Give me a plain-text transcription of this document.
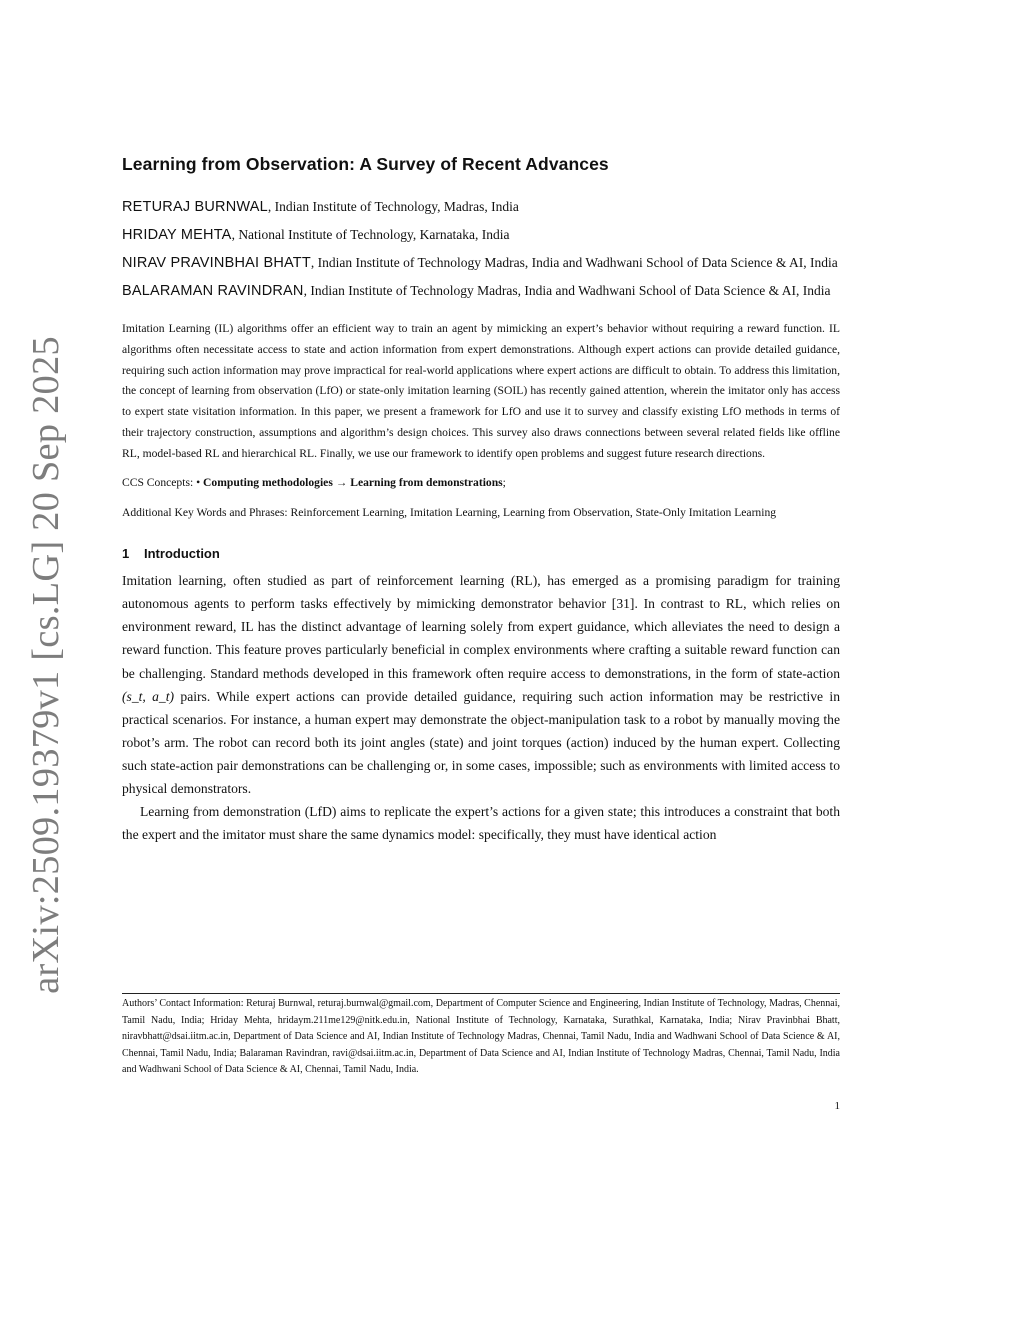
arXiv:2509.19379v1 [cs.LG] 20 Sep 2025
Learning from Observation: A Survey of Recent Advances
RETURAJ BURNWAL, Indian Institute of Technology, Madras, India
HRIDAY MEHTA, National Institute of Technology, Karnataka, India
NIRAV PRAVINBHAI BHATT, Indian Institute of Technology Madras, India and Wadhwani School of Data Science & AI, India
BALARAMAN RAVINDRAN, Indian Institute of Technology Madras, India and Wadhwani School of Data Science & AI, India

Imitation Learning (IL) algorithms offer an efficient way to train an agent by mimicking an expert’s behavior without requiring a reward function. IL algorithms often necessitate access to state and action information from expert demonstrations. Although expert actions can provide detailed guidance, requiring such action information may prove impractical for real-world applications where expert actions are difficult to obtain. To address this limitation, the concept of learning from observation (LfO) or state-only imitation learning (SOIL) has recently gained attention, wherein the imitator only has access to expert state visitation information. In this paper, we present a framework for LfO and use it to survey and classify existing LfO methods in terms of their trajectory construction, assumptions and algorithm’s design choices. This survey also draws connections between several related fields like offline RL, model-based RL and hierarchical RL. Finally, we use our framework to identify open problems and suggest future research directions.

CCS Concepts: • Computing methodologies → Learning from demonstrations;

Additional Key Words and Phrases: Reinforcement Learning, Imitation Learning, Learning from Observation, State-Only Imitation Learning

1 Introduction

Imitation learning, often studied as part of reinforcement learning (RL), has emerged as a promising paradigm for training autonomous agents to perform tasks effectively by mimicking demonstrator behavior [31]. In contrast to RL, which relies on environment reward, IL has the distinct advantage of learning solely from expert guidance, which alleviates the need to design a reward function. This feature proves particularly beneficial in complex environments where crafting a suitable reward function can be challenging. Standard methods developed in this framework often require access to demonstrations, in the form of state-action (s_t, a_t) pairs. While expert actions can provide detailed guidance, requiring such action information may be restrictive in practical scenarios. For instance, a human expert may demonstrate the object-manipulation task to a robot by manually moving the robot’s arm. The robot can record both its joint angles (state) and joint torques (action) induced by the human expert. Collecting such state-action pair demonstrations can be challenging or, in some cases, impossible; such as environments with limited access to physical demonstrators.

Learning from demonstration (LfD) aims to replicate the expert’s actions for a given state; this introduces a constraint that both the expert and the imitator must share the same dynamics model: specifically, they must have identical action

Authors’ Contact Information: Returaj Burnwal, returaj.burnwal@gmail.com, Department of Computer Science and Engineering, Indian Institute of Technology, Madras, Chennai, Tamil Nadu, India; Hriday Mehta, hridaym.211me129@nitk.edu.in, National Institute of Technology, Karnataka, Surathkal, Karnataka, India; Nirav Pravinbhai Bhatt, niravbhatt@dsai.iitm.ac.in, Department of Data Science and AI, Indian Institute of Technology Madras, Chennai, Tamil Nadu, India and Wadhwani School of Data Science & AI, Chennai, Tamil Nadu, India; Balaraman Ravindran, ravi@dsai.iitm.ac.in, Department of Data Science and AI, Indian Institute of Technology Madras, Chennai, Tamil Nadu, India and Wadhwani School of Data Science & AI, Chennai, Tamil Nadu, India.
1
